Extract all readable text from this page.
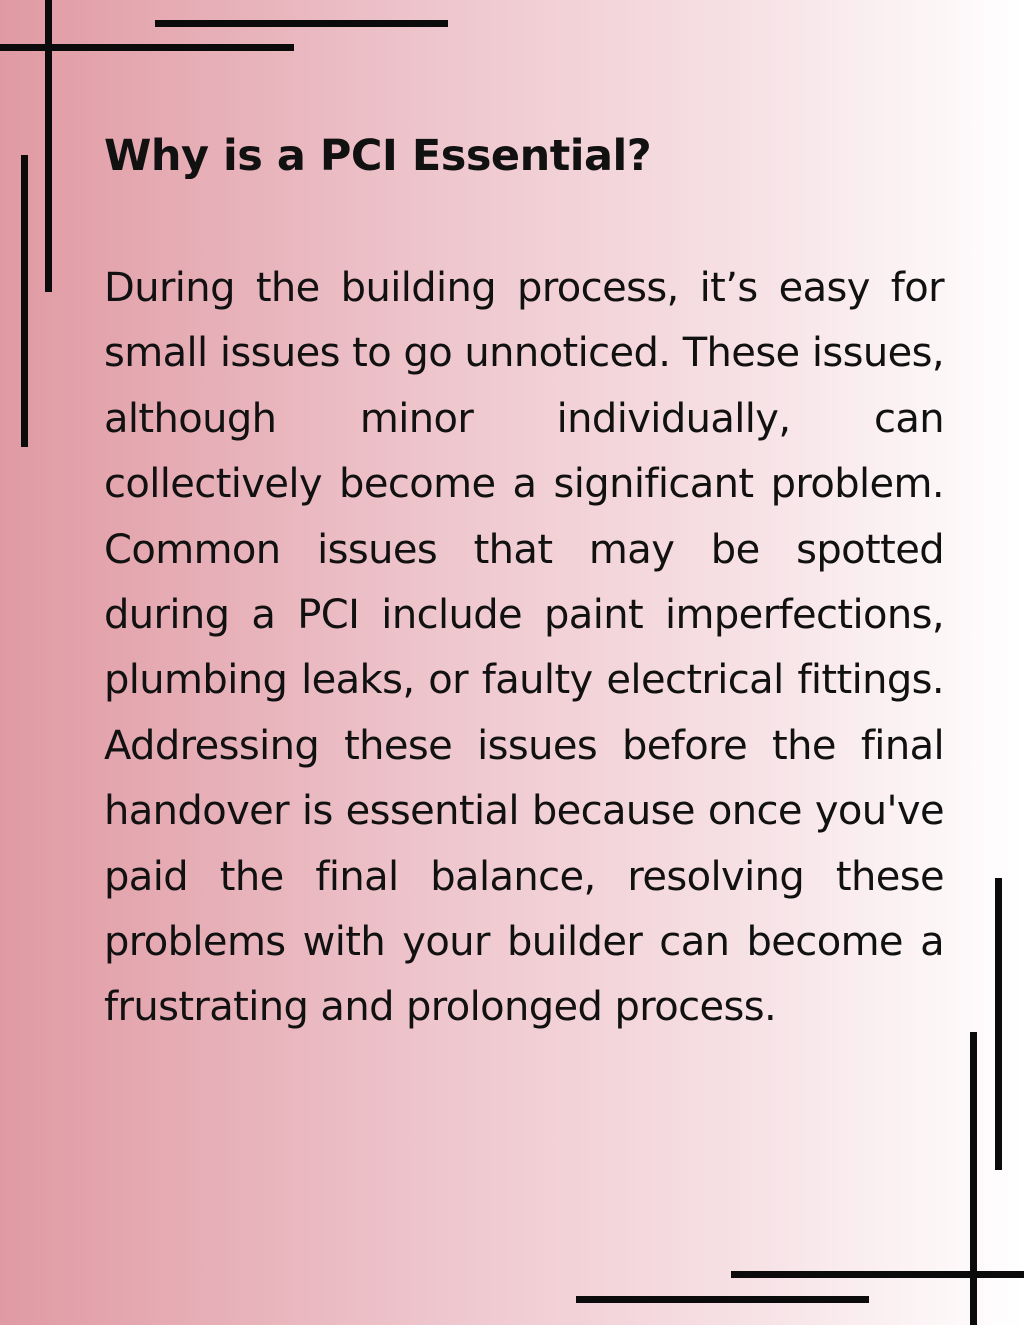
Why is a PCI Essential?

During the building process, it’s easy for small issues to go unnoticed. These issues, although minor individually, can collectively become a significant problem. Common issues that may be spotted during a PCI include paint imperfections, plumbing leaks, or faulty electrical fittings. Addressing these issues before the final handover is essential because once you've paid the final balance, resolving these problems with your builder can become a frustrating and prolonged process.
